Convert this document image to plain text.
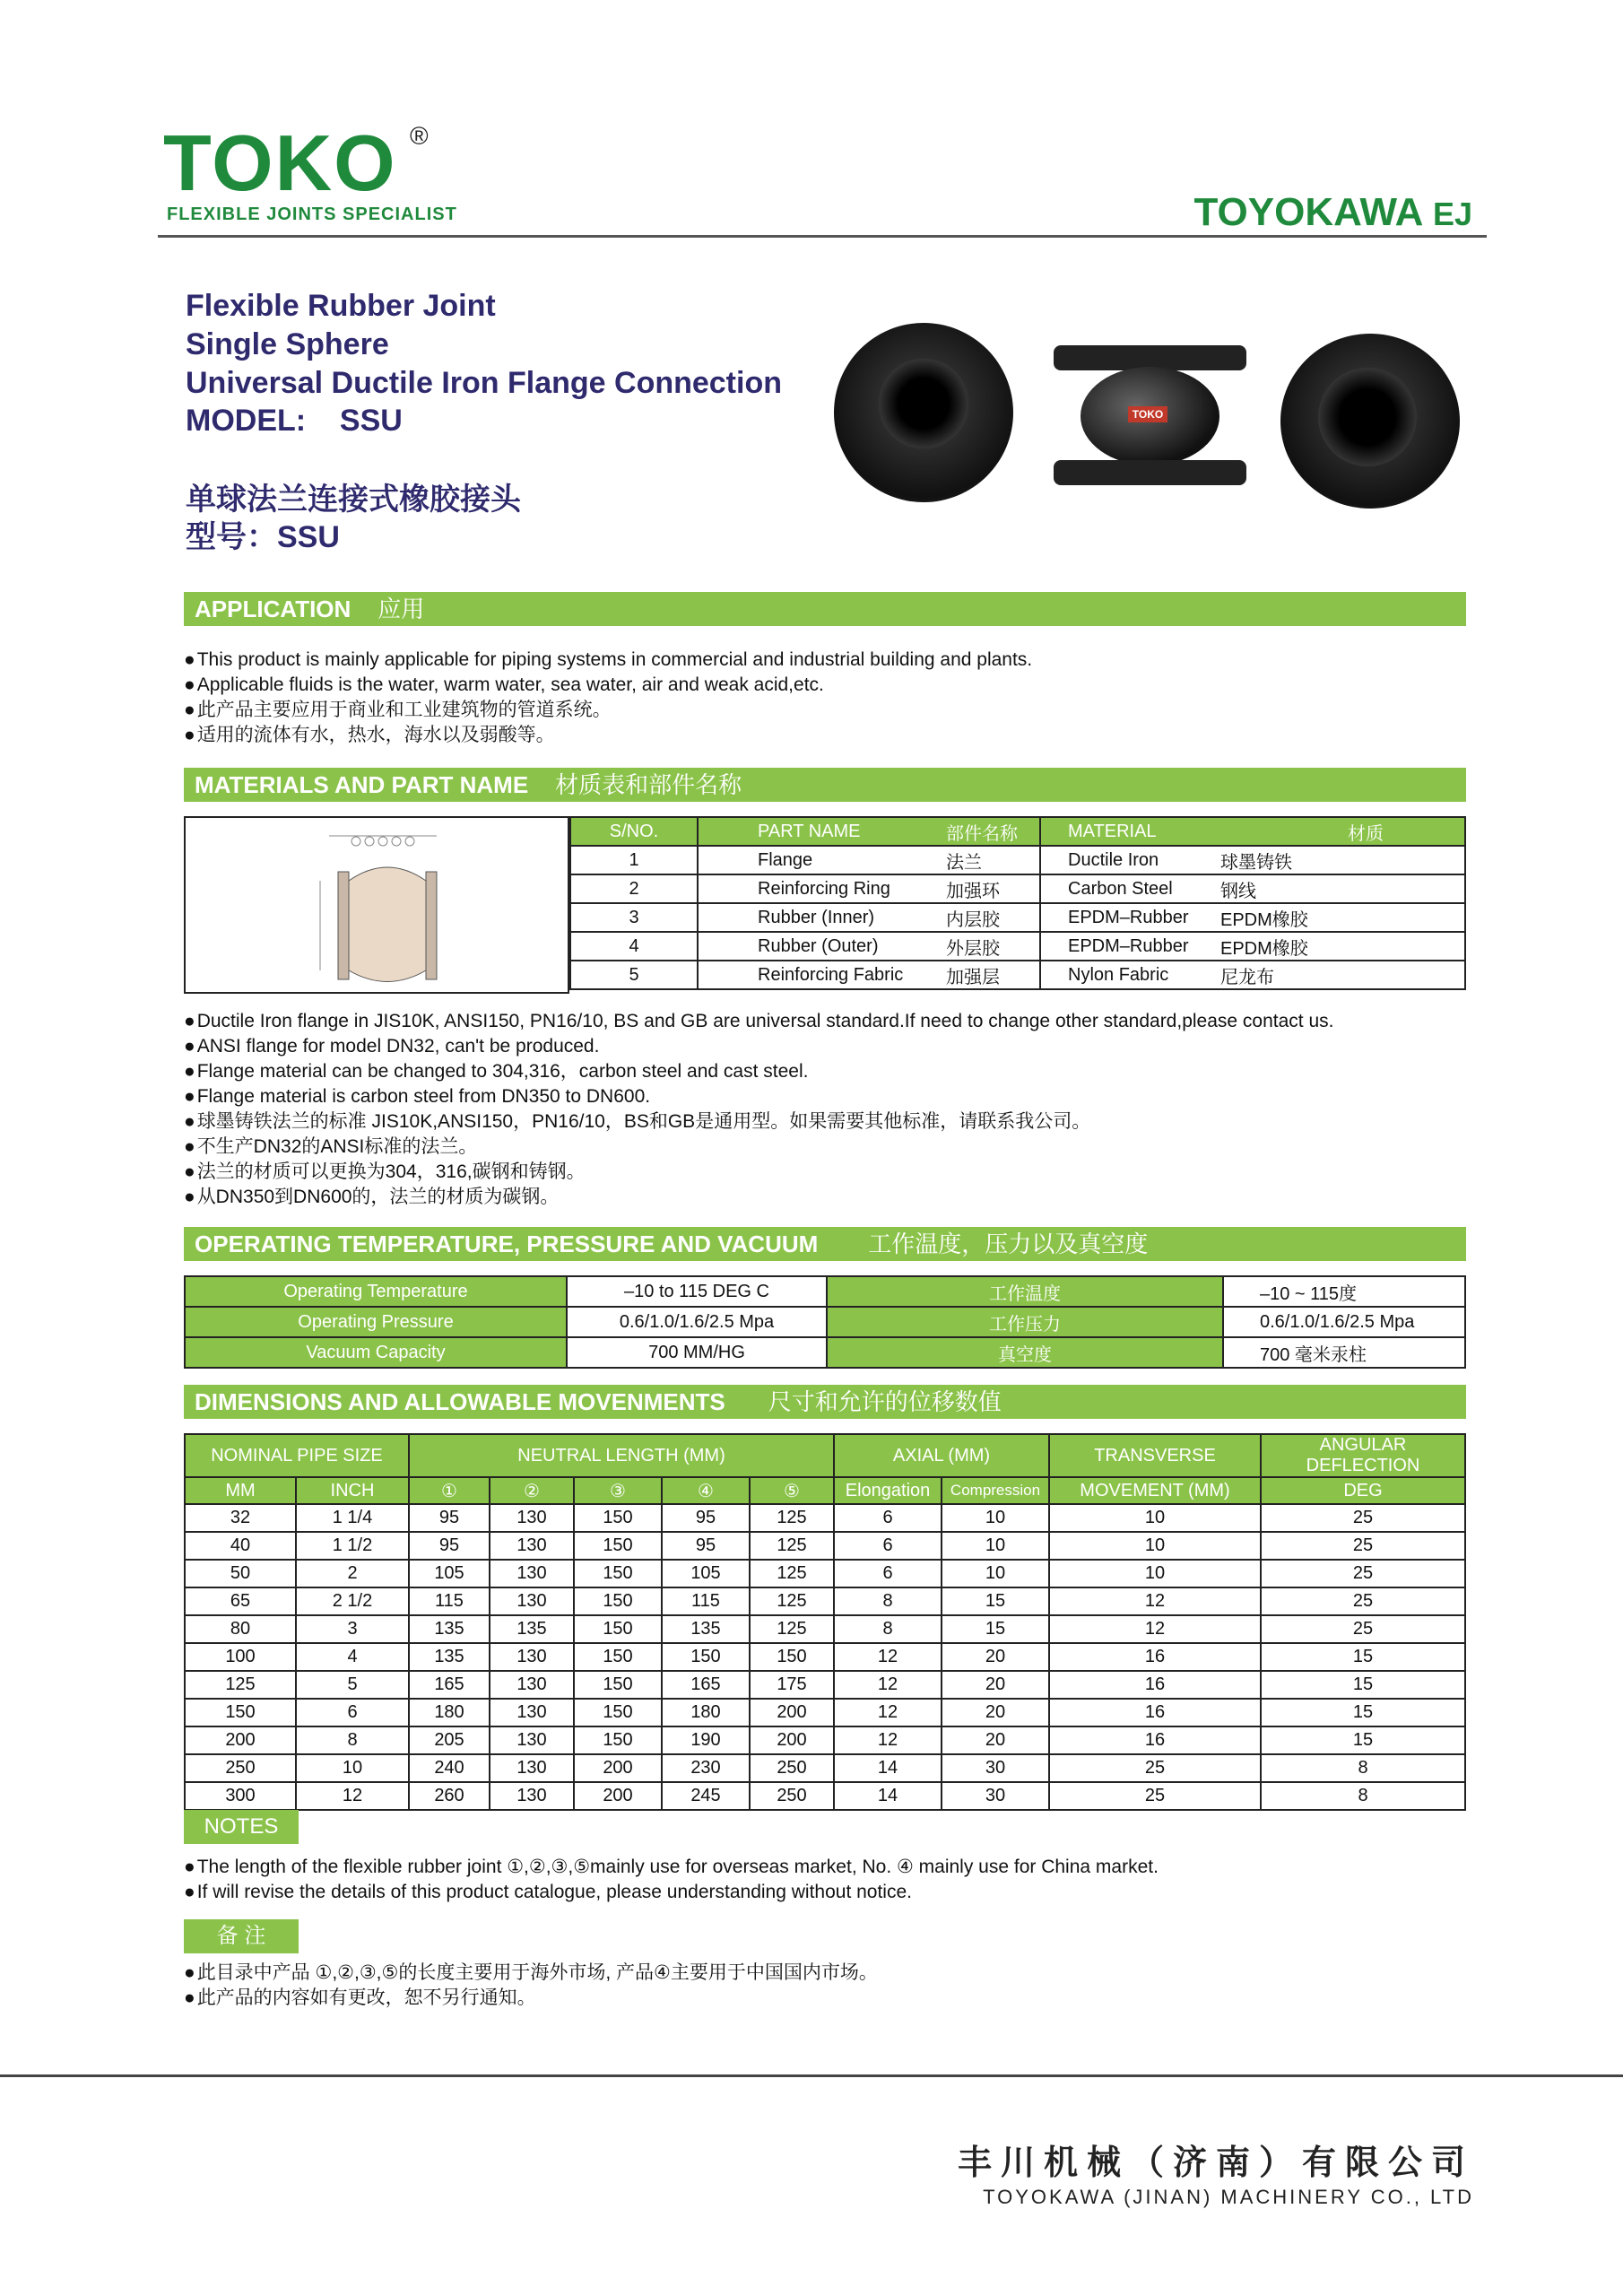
TOKO ®
FLEXIBLE JOINTS SPECIALIST	TOYOKAWA EJ
Flexible Rubber Joint
Single Sphere
Universal Ductile Iron Flange Connection
MODEL: SSU
单球法兰连接式橡胶接头
型号：SSU
TOKO
APPLICATION 应用
● This product is mainly applicable for piping systems in commercial and industrial building and plants.
● Applicable fluids is the water, warm water, sea water, air and weak acid,etc.
● 此产品主要应用于商业和工业建筑物的管道系统。
● 适用的流体有水，热水，海水以及弱酸等。
MATERIALS AND PART NAME 材质表和部件名称
S/NO.	PART NAME	部件名称	MATERIAL	材质
1	Flange	法兰	Ductile Iron	球墨铸铁
2	Reinforcing Ring	加强环	Carbon Steel	钢线
3	Rubber (Inner)	内层胶	EPDM–Rubber	EPDM橡胶
4	Rubber (Outer)	外层胶	EPDM–Rubber	EPDM橡胶
5	Reinforcing Fabric	加强层	Nylon Fabric	尼龙布
● Ductile Iron flange in JIS10K, ANSI150, PN16/10, BS and GB are universal standard.If need to change other standard,please contact us.
● ANSI flange for model DN32, can't be produced.
● Flange material can be changed to 304,316，carbon steel and cast steel.
● Flange material is carbon steel from DN350 to DN600.
● 球墨铸铁法兰的标准 JIS10K,ANSI150，PN16/10，BS和GB是通用型。如果需要其他标准，请联系我公司。
● 不生产DN32的ANSI标准的法兰。
● 法兰的材质可以更换为304，316,碳钢和铸钢。
● 从DN350到DN600的，法兰的材质为碳钢。
OPERATING TEMPERATURE, PRESSURE AND VACUUM 工作温度，压力以及真空度
Operating Temperature	–10 to 115 DEG C	工作温度	–10 ~ 115度
Operating Pressure	0.6/1.0/1.6/2.5 Mpa	工作压力	0.6/1.0/1.6/2.5 Mpa
Vacuum Capacity	700 MM/HG	真空度	700 毫米汞柱
DIMENSIONS AND ALLOWABLE MOVENMENTS 尺寸和允许的位移数值
NOMINAL PIPE SIZE		NEUTRAL LENGTH (MM)					AXIAL (MM)		TRANSVERSE	ANGULAR DEFLECTION
MM	INCH	①	②	③	④	⑤	Elongation	Compression	MOVEMENT (MM)	DEG
32	1 1/4	95	130	150	95	125	6	10	10	25
40	1 1/2	95	130	150	95	125	6	10	10	25
50	2	105	130	150	105	125	6	10	10	25
65	2 1/2	115	130	150	115	125	8	15	12	25
80	3	135	135	150	135	125	8	15	12	25
100	4	135	130	150	150	150	12	20	16	15
125	5	165	130	150	165	175	12	20	16	15
150	6	180	130	150	180	200	12	20	16	15
200	8	205	130	150	190	200	12	20	16	15
250	10	240	130	200	230	250	14	30	25	8
300	12	260	130	200	245	250	14	30	25	8
NOTES
● The length of the flexible rubber joint ①,②,③,⑤mainly use for overseas market, No. ④ mainly use for China market.
● If will revise the details of this product catalogue, please understanding without notice.
备 注
● 此目录中产品 ①,②,③,⑤的长度主要用于海外市场, 产品④主要用于中国国内市场。
● 此产品的内容如有更改，恕不另行通知。
丰川机械（济南）有限公司
TOYOKAWA (JINAN) MACHINERY CO., LTD
